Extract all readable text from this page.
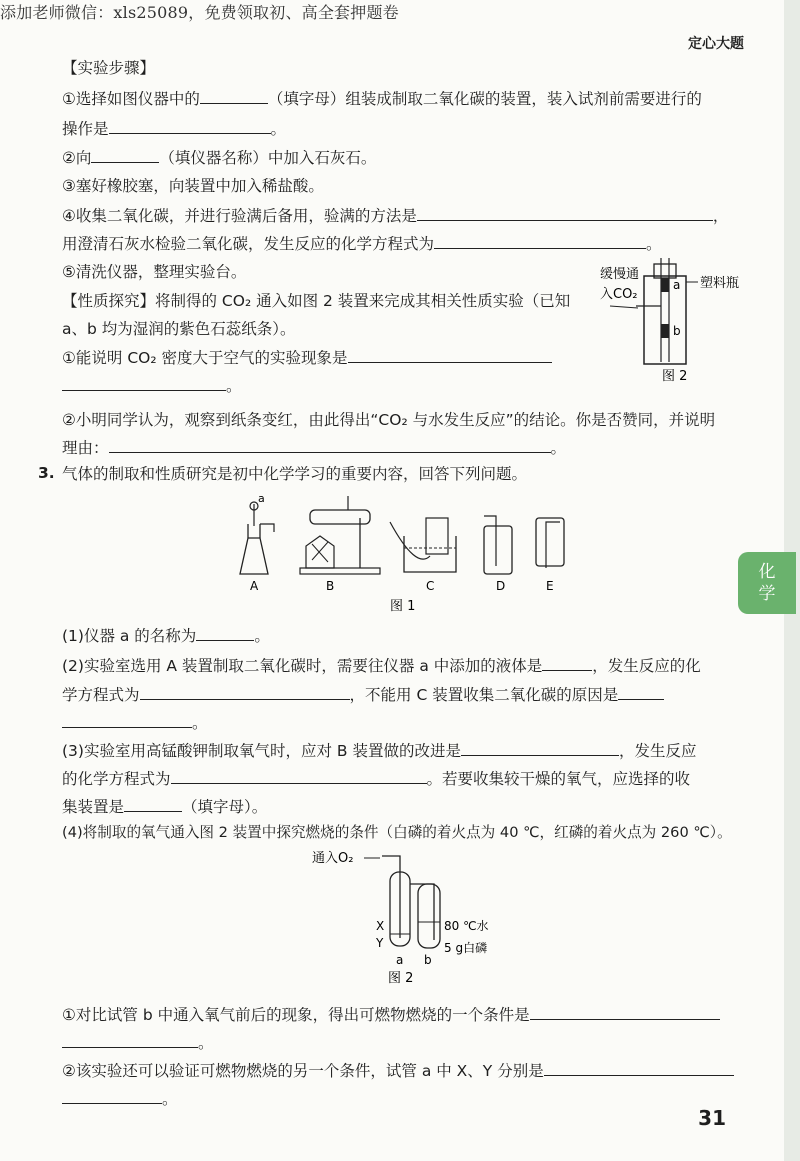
添加老师微信：xls25089，免费领取初、高全套押题卷
定心大题
化
学
【实验步骤】
①选择如图仪器中的	（填字母）组装成制取二氧化碳的装置，装入试剂前需要进行的
操作是	。
②向	（填仪器名称）中加入石灰石。
③塞好橡胶塞，向装置中加入稀盐酸。
④收集二氧化碳，并进行验满后备用，验满的方法是	，
用澄清石灰水检验二氧化碳，发生反应的化学方程式为	。
⑤清洗仪器，整理实验台。
【性质探究】将制得的 CO₂ 通入如图 2 装置来完成其相关性质实验（已知
a、b 均为湿润的紫色石蕊纸条）。
①能说明 CO₂ 密度大于空气的实验现象是
。
②小明同学认为，观察到纸条变红，由此得出“CO₂ 与水发生反应”的结论。你是否赞同，并说明
理由：	。
缓慢通
入CO₂
a
b
塑料瓶
图 2
3. 气体的制取和性质研究是初中化学学习的重要内容，回答下列问题。
a
A	B	C	D	E
图 1
(1)仪器 a 的名称为	。
(2)实验室选用 A 装置制取二氧化碳时，需要往仪器 a 中添加的液体是	，发生反应的化
学方程式为	，不能用 C 装置收集二氧化碳的原因是
。
(3)实验室用高锰酸钾制取氧气时，应对 B 装置做的改进是	，发生反应
的化学方程式为	。若要收集较干燥的氧气，应选择的收
集装置是	（填字母）。
(4)将制取的氧气通入图 2 装置中探究燃烧的条件（白磷的着火点为 40 ℃，红磷的着火点为 260 ℃）。
通入O₂
X
Y
a b
80 ℃水
5 g白磷
图 2
①对比试管 b 中通入氧气前后的现象，得出可燃物燃烧的一个条件是
。
②该实验还可以验证可燃物燃烧的另一个条件，试管 a 中 X、Y 分别是
。
31
